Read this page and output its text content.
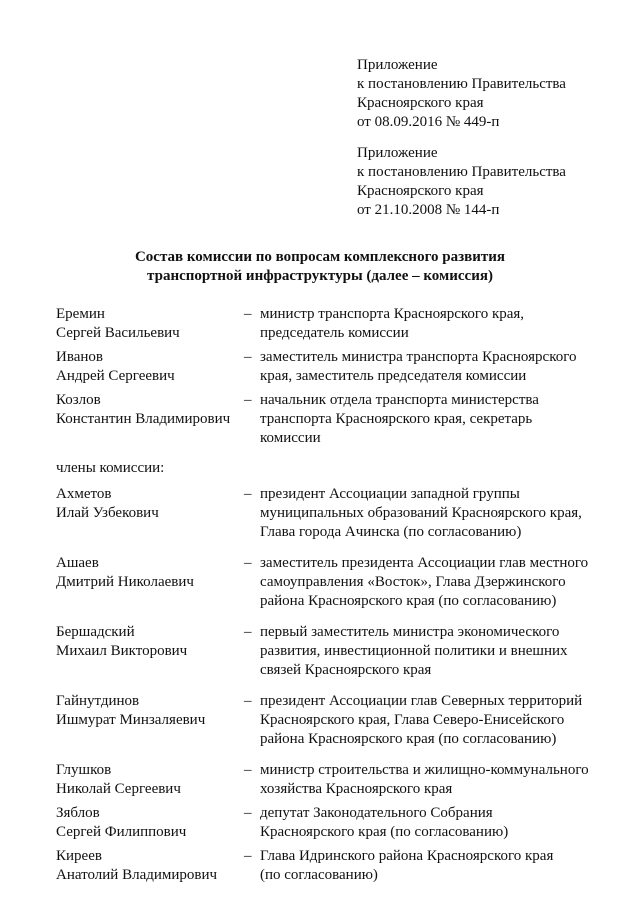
Приложение
к постановлению Правительства
Красноярского края
от 08.09.2016 № 449-п
Приложение
к постановлению Правительства
Красноярского края
от 21.10.2008 № 144-п
Состав комиссии по вопросам комплексного развития
транспортной инфраструктуры (далее – комиссия)
Еремин
Сергей Васильевич
– министр транспорта Красноярского края,
председатель комиссии
Иванов
Андрей Сергеевич
– заместитель министра транспорта Красноярского
края, заместитель председателя комиссии
Козлов
Константин Владимирович
– начальник отдела транспорта министерства
транспорта Красноярского края, секретарь
комиссии
члены комиссии:
Ахметов
Илай Узбекович
– президент Ассоциации западной группы
муниципальных образований Красноярского края,
Глава города Ачинска (по согласованию)
Ашаев
Дмитрий Николаевич
– заместитель президента Ассоциации глав местного
самоуправления «Восток», Глава Дзержинского
района Красноярского края (по согласованию)
Бершадский
Михаил Викторович
– первый заместитель министра экономического
развития, инвестиционной политики и внешних
связей Красноярского края
Гайнутдинов
Ишмурат Минзаляевич
– президент Ассоциации глав Северных территорий
Красноярского края, Глава Северо-Енисейского
района Красноярского края (по согласованию)
Глушков
Николай Сергеевич
– министр строительства и жилищно-коммунального
хозяйства Красноярского края
Зяблов
Сергей Филиппович
– депутат Законодательного Собрания
Красноярского края (по согласованию)
Киреев
Анатолий Владимирович
– Глава Идринского района Красноярского края
(по согласованию)
